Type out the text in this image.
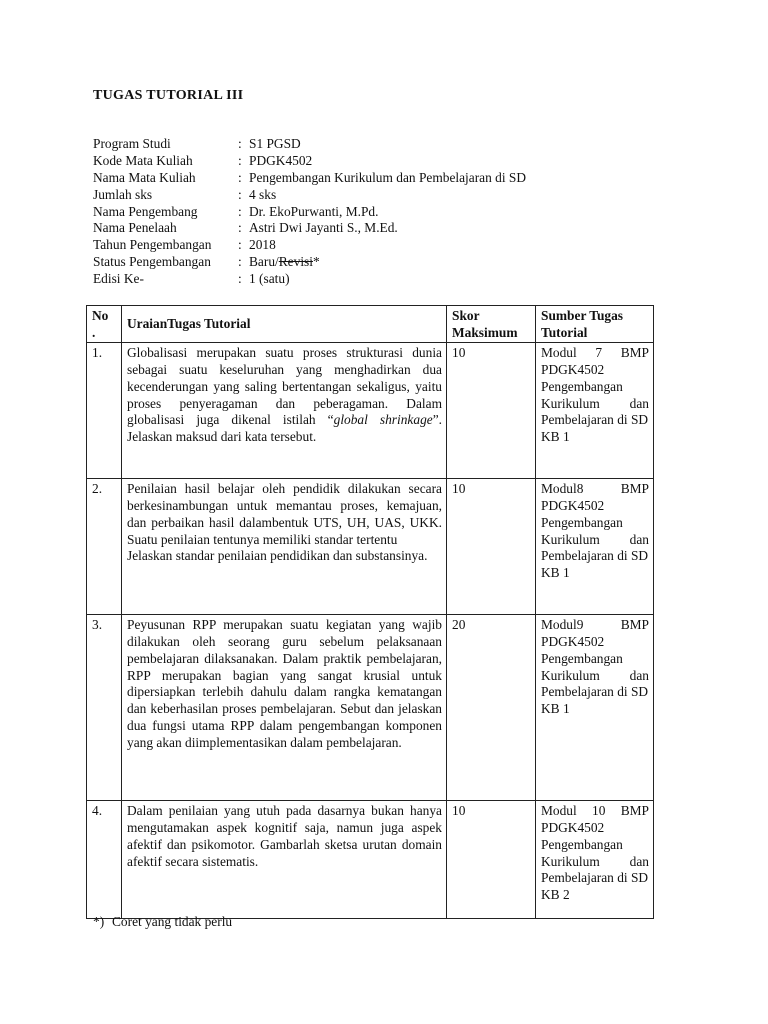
TUGAS TUTORIAL III
Program Studi	: S1 PGSD
Kode Mata Kuliah	: PDGK4502
Nama Mata Kuliah	: Pengembangan Kurikulum dan Pembelajaran di SD
Jumlah sks	: 4 sks
Nama Pengembang	: Dr. EkoPurwanti, M.Pd.
Nama Penelaah	: Astri Dwi Jayanti S., M.Ed.
Tahun Pengembangan	: 2018
Status Pengembangan	: Baru/Revisi*
Edisi Ke-	: 1 (satu)
No
.	UraianTugas Tutorial	Skor Maksimum	Sumber Tugas Tutorial
1.	Globalisasi merupakan suatu proses strukturasi dunia sebagai suatu keseluruhan yang menghadirkan dua kecenderungan yang saling bertentangan sekaligus, yaitu proses penyeragaman dan peberagaman. Dalam globalisasi juga dikenal istilah “global shrinkage”. Jelaskan maksud dari kata tersebut.	10	Modul 7 BMP PDGK4502 Pengembangan Kurikulum dan Pembelajaran di SD
KB 1

2.	Penilaian hasil belajar oleh pendidik dilakukan secara berkesinambungan untuk memantau proses, kemajuan, dan perbaikan hasil dalambentuk UTS, UH, UAS, UKK. Suatu penilaian tentunya memiliki standar tertentu
Jelaskan standar penilaian pendidikan dan substansinya.	10	Modul8 BMP PDGK4502 Pengembangan Kurikulum dan Pembelajaran di SD
KB 1

3.	Peyusunan RPP merupakan suatu kegiatan yang wajib dilakukan oleh seorang guru sebelum pelaksanaan pembelajaran dilaksanakan. Dalam praktik pembelajaran, RPP merupakan bagian yang sangat krusial untuk dipersiapkan terlebih dahulu dalam rangka kematangan dan keberhasilan proses pembelajaran. Sebut dan jelaskan dua fungsi utama RPP dalam pengembangan komponen yang akan diimplementasikan dalam pembelajaran.	20	Modul9 BMP PDGK4502 Pengembangan Kurikulum dan Pembelajaran di SD
KB 1

4.	Dalam penilaian yang utuh pada dasarnya bukan hanya mengutamakan aspek kognitif saja, namun juga aspek afektif dan psikomotor. Gambarlah sketsa urutan domain afektif secara sistematis.	10	Modul 10 BMP PDGK4502 Pengembangan Kurikulum dan Pembelajaran di SD
KB 2

*) Coret yang tidak perlu
